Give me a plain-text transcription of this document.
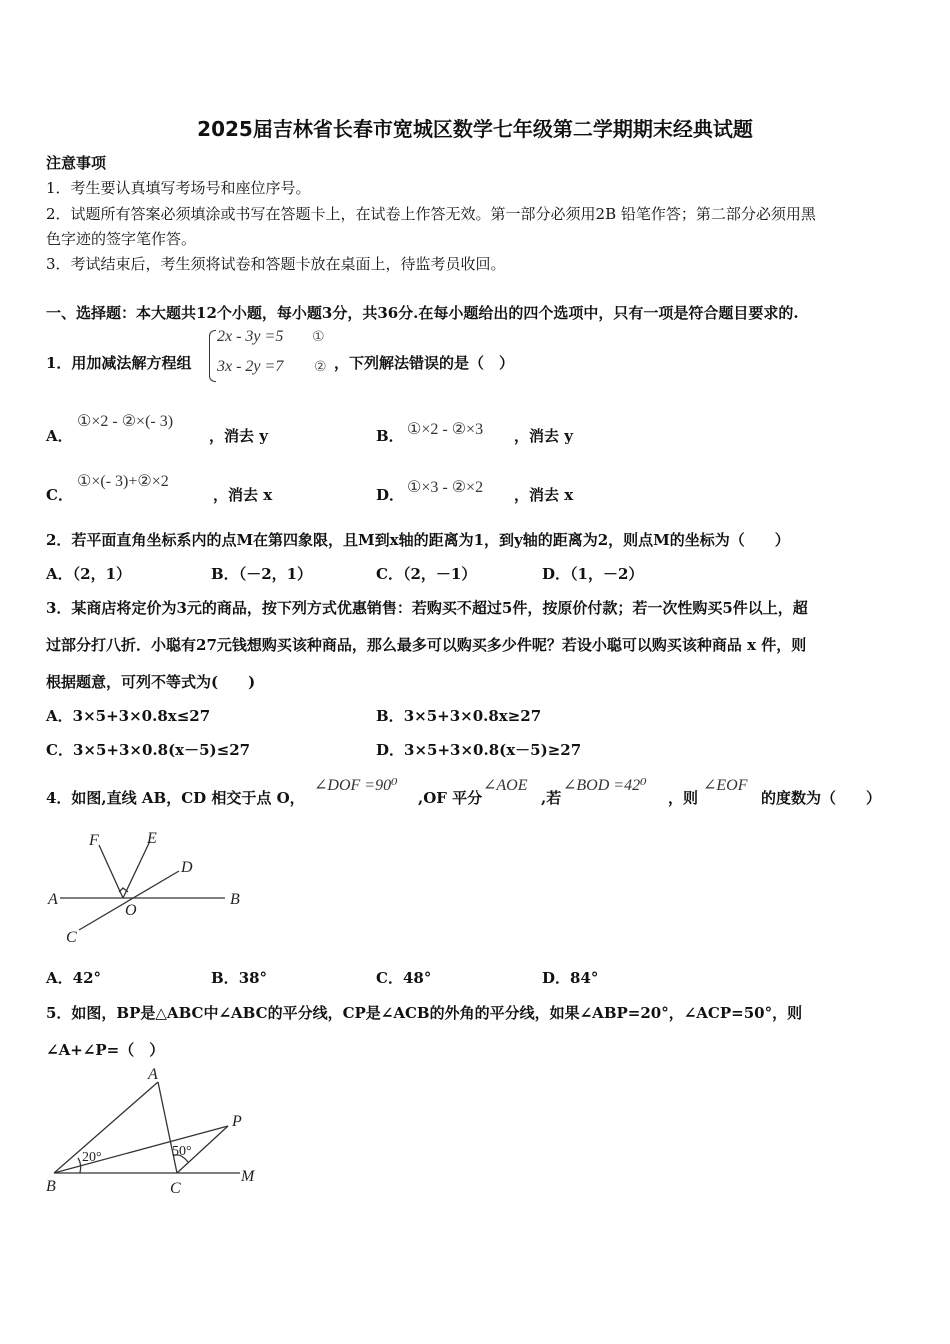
2025届吉林省长春市宽城区数学七年级第二学期期末经典试题
注意事项
1．考生要认真填写考场号和座位序号。
2．试题所有答案必须填涂或书写在答题卡上，在试卷上作答无效。第一部分必须用2B 铅笔作答；第二部分必须用黑
色字迹的签字笔作答。
3．考试结束后，考生须将试卷和答题卡放在桌面上，待监考员收回。
一、选择题：本大题共12个小题，每小题3分，共36分.在每小题给出的四个选项中，只有一项是符合题目要求的.
1．用加减法解方程组
2x - 3y =5 ①
3x - 2y =7 ② ，下列解法错误的是（　）
A．
①×2 - ②×(- 3)
，消去 y	B． ①×2 - ②×3 ，消去 y
C．
①×(- 3)+②×2
，消去 x	D． ①×3 - ②×2 ，消去 x
2．若平面直角坐标系内的点M在第四象限，且M到x轴的距离为1，到y轴的距离为2，则点M的坐标为（　　）
A．（2，1）	B．（－2，1）	C．（2，－1）	D．（1，－2）
3．某商店将定价为3元的商品，按下列方式优惠销售：若购买不超过5件，按原价付款；若一次性购买5件以上，超
过部分打八折．小聪有27元钱想购买该种商品，那么最多可以购买多少件呢？若设小聪可以购买该种商品 x 件，则
根据题意，可列不等式为(　　)
A．3×5+3×0.8x≤27	B．3×5+3×0.8x≥27
C．3×5+3×0.8(x－5)≤27	D．3×5+3×0.8(x－5)≥27
4．如图,直线 AB，CD 相交于点 O，
∠DOF =90⁰
,OF 平分
∠AOE
,若
∠BOD =42⁰
，则
∠EOF
的度数为（　　）
F	E
D
A
O
B
C
A．42°	B．38°	C．48°	D．84°
5．如图，BP是△ABC中∠ABC的平分线，CP是∠ACB的外角的平分线，如果∠ABP=20°，∠ACP=50°，则
∠A+∠P=（　）
A
P
20°	50°
B	C
M
